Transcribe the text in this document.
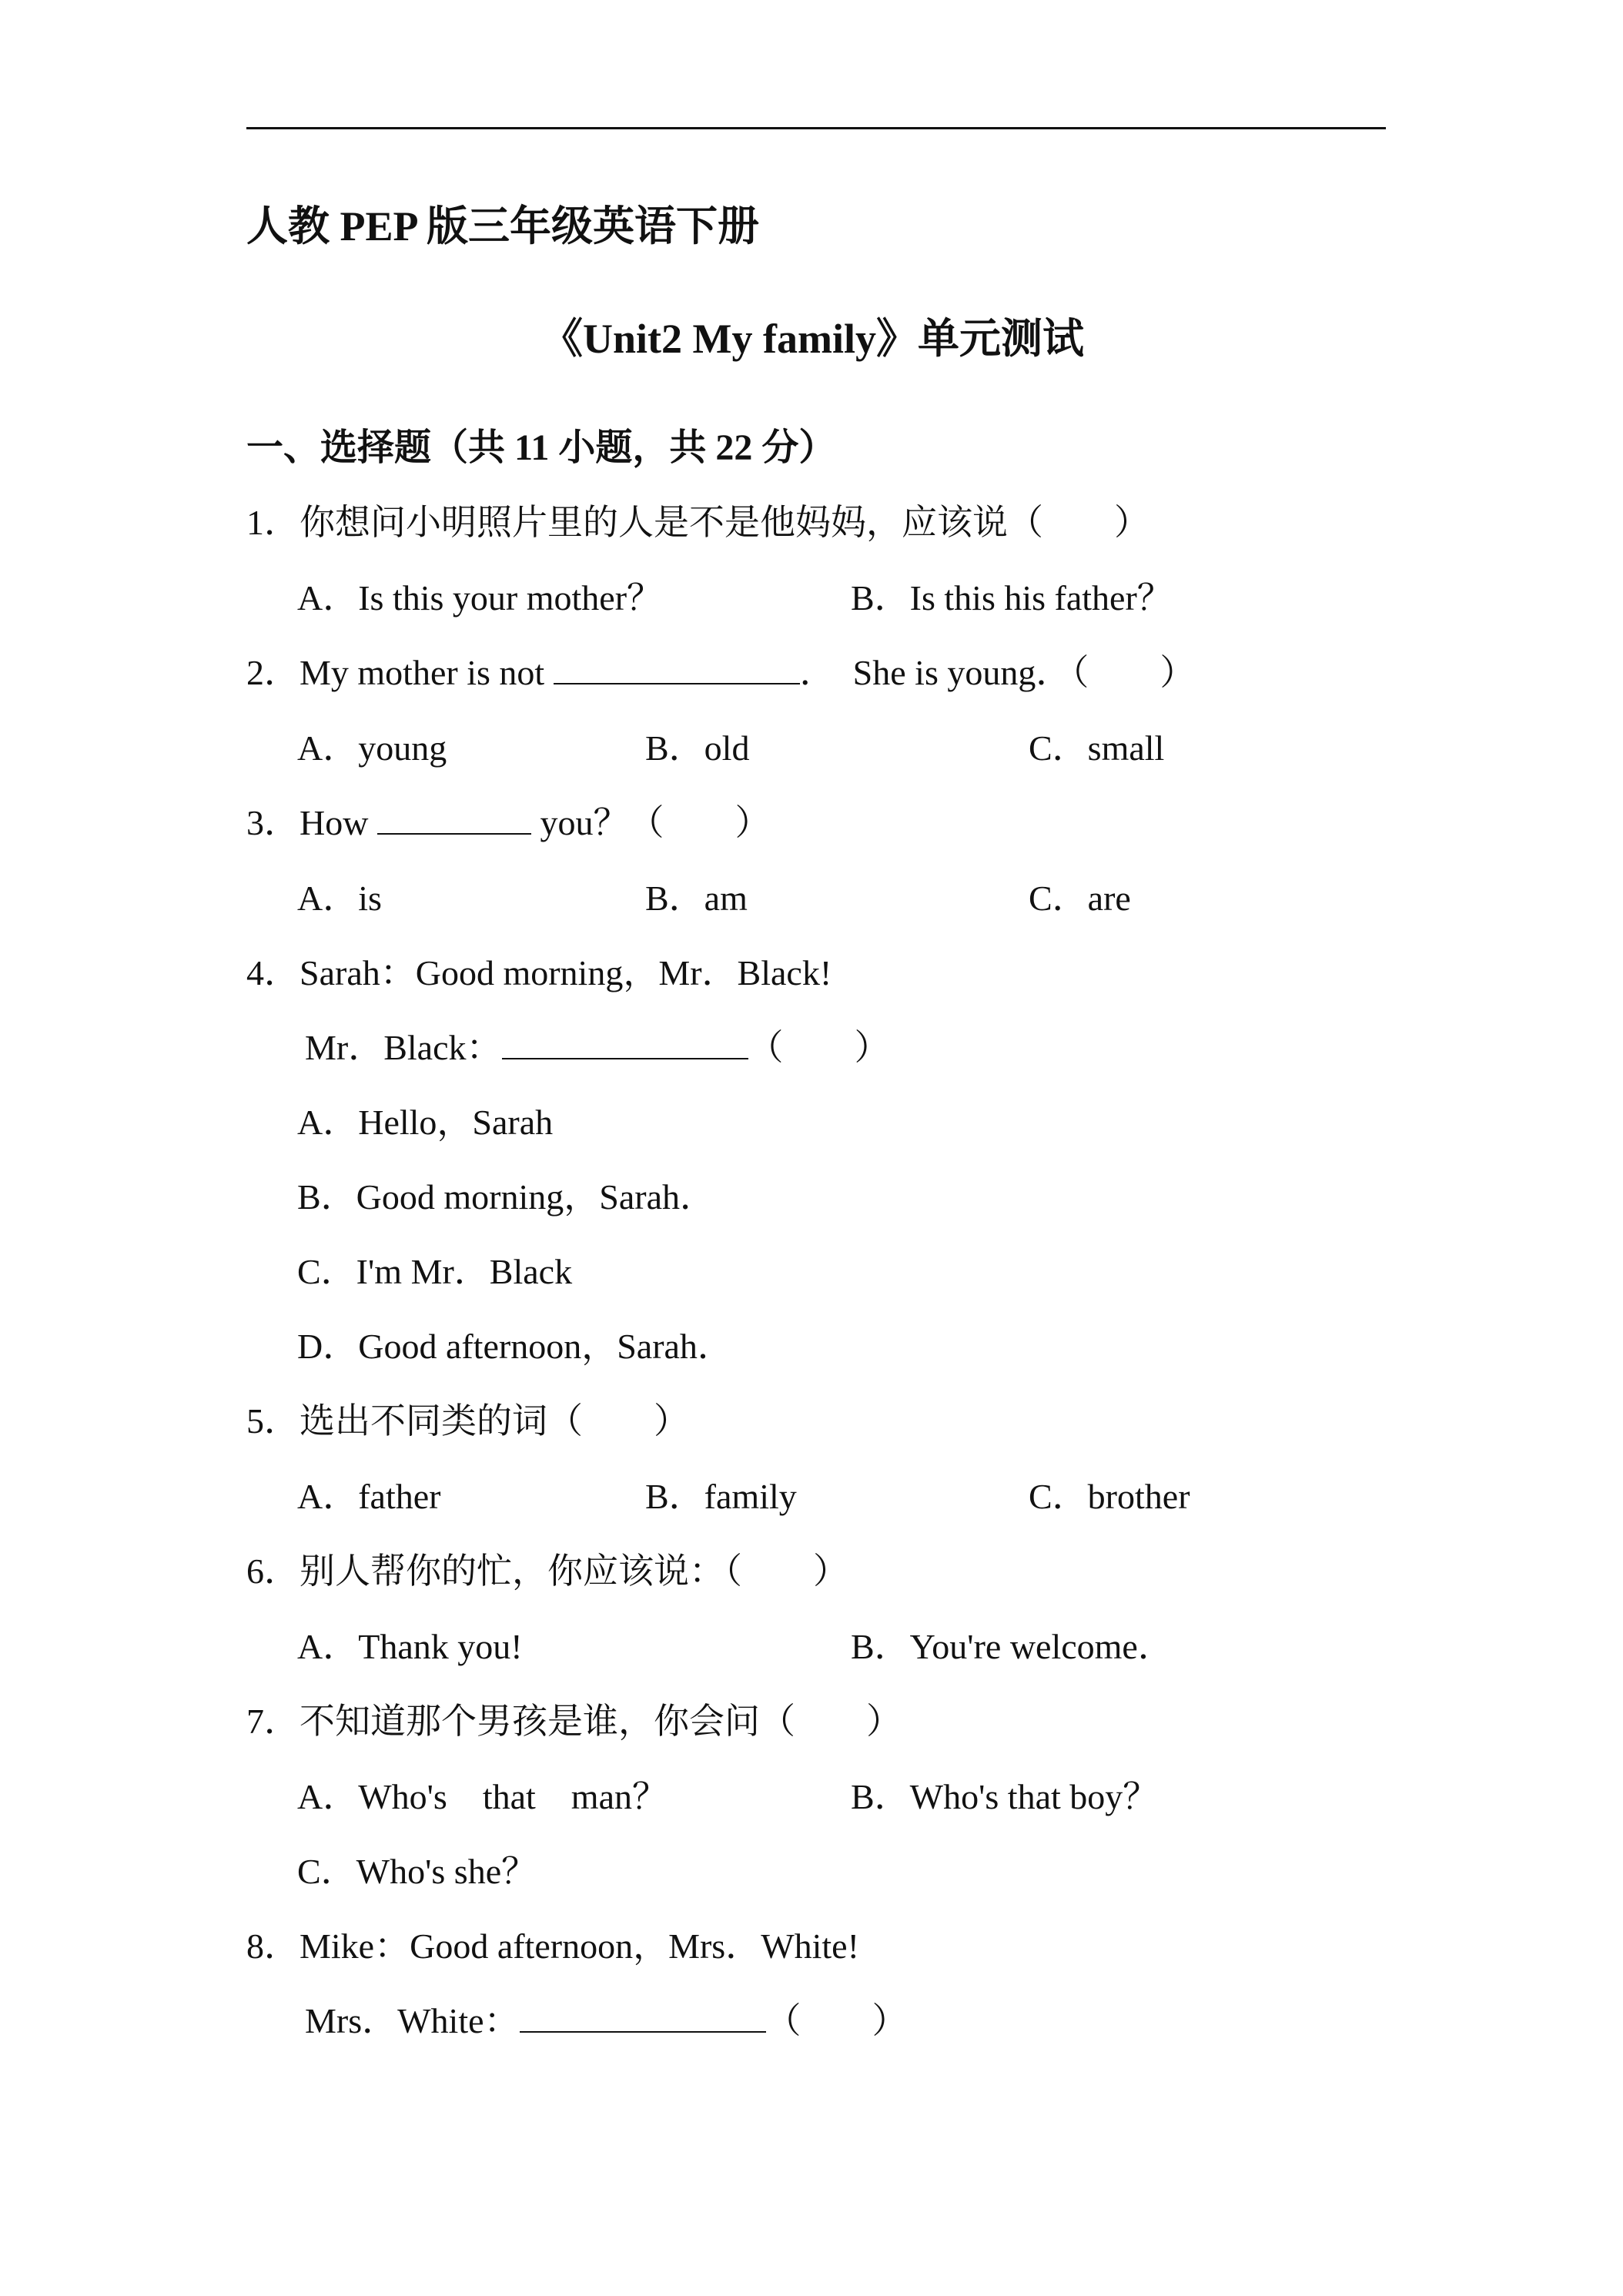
人教 PEP 版三年级英语下册
《Unit2 My family》单元测试
一、选择题（共 11 小题，共 22 分）
1．你想问小明照片里的人是不是他妈妈，应该说（　　）
A．Is this your mother？	B．Is this his father？
2．My mother is not	．　She is young．（　　）
A．young	B．old	C．small
3．How	you？（　　）
A．is	B．am	C．are
4．Sarah：Good morning，Mr．Black!
Mr．Black：	（　　）
A．Hello，Sarah
B．Good morning，Sarah．
C．I'm Mr．Black
D．Good afternoon，Sarah．
5．选出不同类的词（　　）
A．father	B．family	C．brother
6．别人帮你的忙，你应该说：（　　）
A．Thank you!	B．You're welcome．
7．不知道那个男孩是谁，你会问（　　）
A．Who's　that　man？	B．Who's that boy？
C．Who's she？
8．Mike：Good afternoon，Mrs．White!
Mrs．White：	（　　）
